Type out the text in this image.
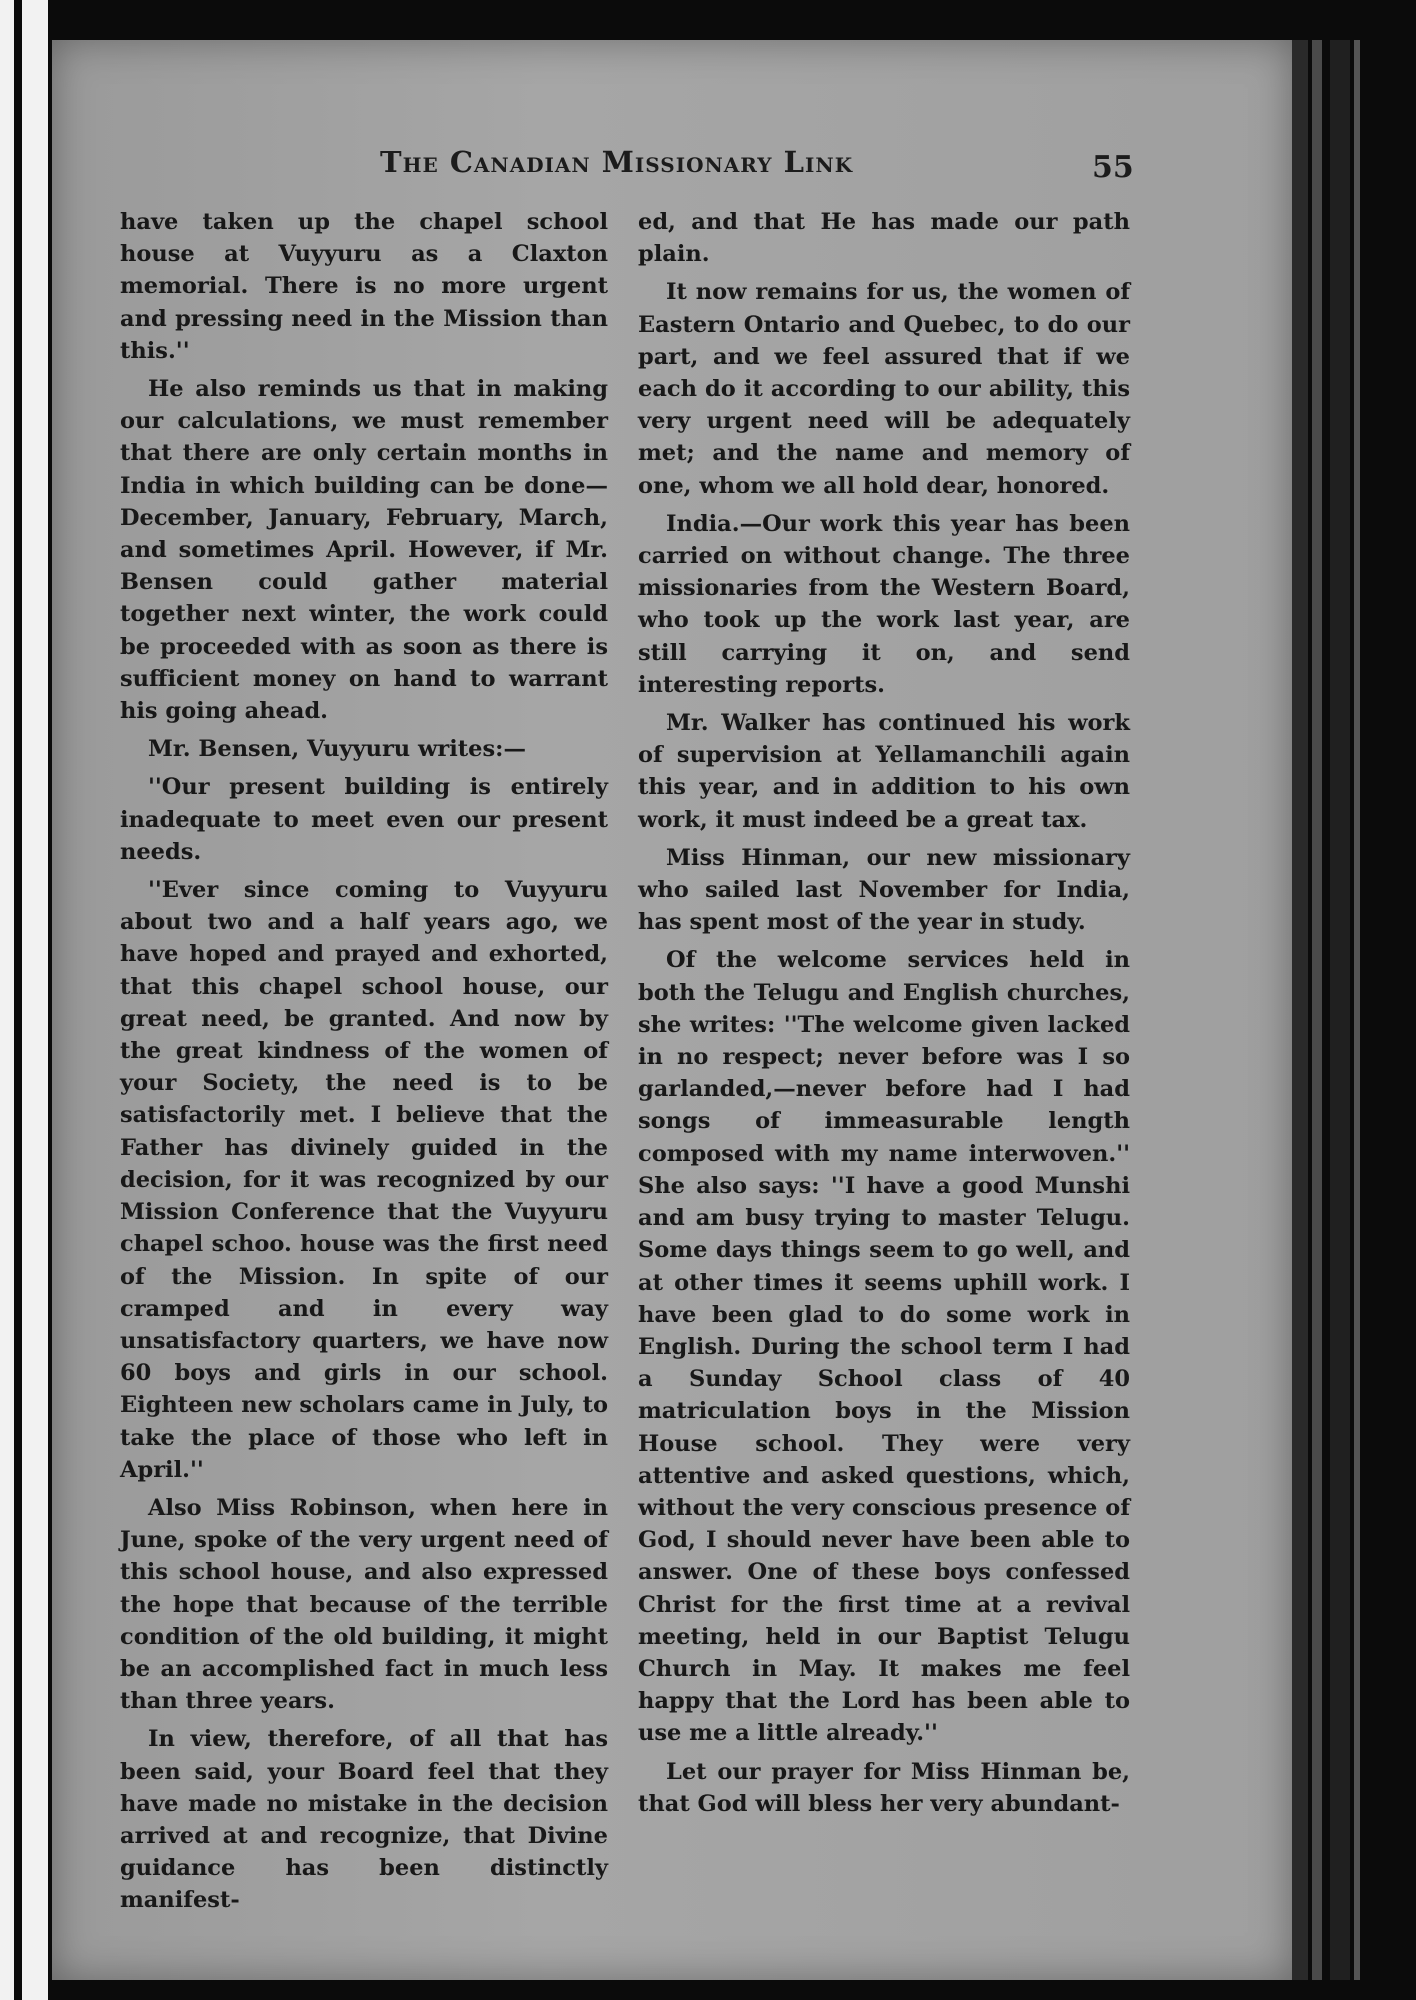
The Canadian Missionary Link	55

have taken up the chapel school house at Vuyyuru as a Claxton memorial. There is no more urgent and pressing need in the Mission than this.''

He also reminds us that in making our calculations, we must remember that there are only certain months in India in which building can be done—December, January, February, March, and sometimes April. However, if Mr. Bensen could gather material together next winter, the work could be proceeded with as soon as there is sufficient money on hand to warrant his going ahead.

Mr. Bensen, Vuyyuru writes:—

''Our present building is entirely inadequate to meet even our present needs.

''Ever since coming to Vuyyuru about two and a half years ago, we have hoped and prayed and exhorted, that this chapel school house, our great need, be granted. And now by the great kindness of the women of your Society, the need is to be satisfactorily met. I believe that the Father has divinely guided in the decision, for it was recognized by our Mission Conference that the Vuyyuru chapel schoo. house was the first need of the Mission. In spite of our cramped and in every way unsatisfactory quarters, we have now 60 boys and girls in our school. Eighteen new scholars came in July, to take the place of those who left in April.''

Also Miss Robinson, when here in June, spoke of the very urgent need of this school house, and also expressed the hope that because of the terrible condition of the old building, it might be an accomplished fact in much less than three years.

In view, therefore, of all that has been said, your Board feel that they have made no mistake in the decision arrived at and recognize, that Divine guidance has been distinctly manifest-

ed, and that He has made our path plain.

It now remains for us, the women of Eastern Ontario and Quebec, to do our part, and we feel assured that if we each do it according to our ability, this very urgent need will be adequately met; and the name and memory of one, whom we all hold dear, honored.

India.—Our work this year has been carried on without change. The three missionaries from the Western Board, who took up the work last year, are still carrying it on, and send interesting reports.

Mr. Walker has continued his work of supervision at Yellamanchili again this year, and in addition to his own work, it must indeed be a great tax.

Miss Hinman, our new missionary who sailed last November for India, has spent most of the year in study.

Of the welcome services held in both the Telugu and English churches, she writes: ''The welcome given lacked in no respect; never before was I so garlanded,—never before had I had songs of immeasurable length composed with my name interwoven.'' She also says: ''I have a good Munshi and am busy trying to master Telugu. Some days things seem to go well, and at other times it seems uphill work. I have been glad to do some work in English. During the school term I had a Sunday School class of 40 matriculation boys in the Mission House school. They were very attentive and asked questions, which, without the very conscious presence of God, I should never have been able to answer. One of these boys confessed Christ for the first time at a revival meeting, held in our Baptist Telugu Church in May. It makes me feel happy that the Lord has been able to use me a little already.''

Let our prayer for Miss Hinman be, that God will bless her very abundant-
